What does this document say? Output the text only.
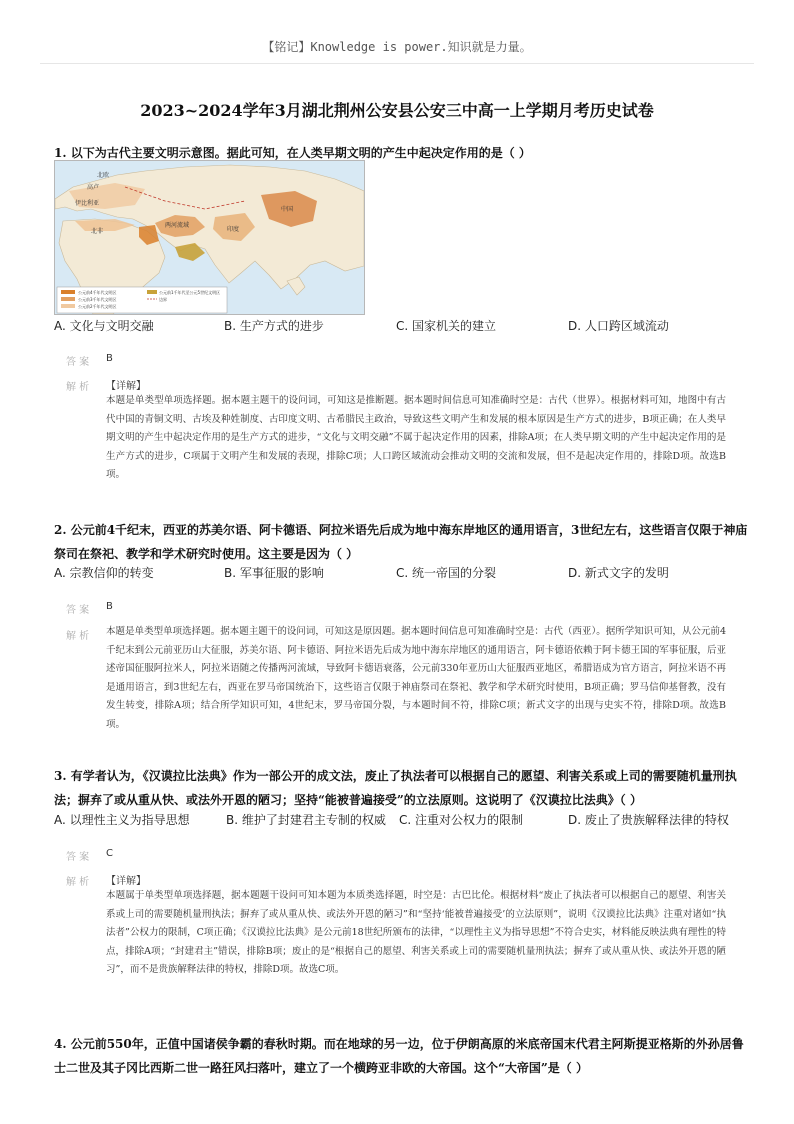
【铭记】Knowledge is power.知识就是力量。
2023~2024学年3月湖北荆州公安县公安三中高一上学期月考历史试卷
1. 以下为古代主要文明示意图。据此可知，在人类早期文明的产生中起决定作用的是（ ）
北欧
高卢
伊比利亚
北非
两河流域
中国
印度
公元前4千年代文明区
公元前3千年代文明区
公元前2千年代文明区
公元前1千年代至公元5世纪文明区
边界
A. 文化与文明交融	B. 生产方式的进步	C. 国家机关的建立	D. 人口跨区域流动
答 案 B
解 析 【详解】
本题是单类型单项选择题。据本题主题干的设问词，可知这是推断题。据本题时间信息可知准确时空是：古代（世界）。根据材料可知，地图中有古代中国的青铜文明、古埃及种姓制度、古印度文明、古希腊民主政治，导致这些文明产生和发展的根本原因是生产方式的进步，B项正确；在人类早期文明的产生中起决定作用的是生产方式的进步，“文化与文明交融”不属于起决定作用的因素，排除A项；在人类早期文明的产生中起决定作用的是生产方式的进步，C项属于文明产生和发展的表现，排除C项；人口跨区域流动会推动文明的交流和发展，但不是起决定作用的，排除D项。故选B项。
2. 公元前4千纪末，西亚的苏美尔语、阿卡德语、阿拉米语先后成为地中海东岸地区的通用语言，3世纪左右，这些语言仅限于神庙祭司在祭祀、教学和学术研究时使用。这主要是因为（ ）
A. 宗教信仰的转变	B. 军事征服的影响	C. 统一帝国的分裂	D. 新式文字的发明
答 案 B
解 析 本题是单类型单项选择题。据本题主题干的设问词，可知这是原因题。据本题时间信息可知准确时空是：古代（西亚）。据所学知识可知，从公元前4千纪末到公元前亚历山大征服，苏美尔语、阿卡德语、阿拉米语先后成为地中海东岸地区的通用语言，阿卡德语依赖于阿卡德王国的军事征服，后亚述帝国征服阿拉米人，阿拉米语随之传播两河流域，导致阿卡德语衰落，公元前330年亚历山大征服西亚地区，希腊语成为官方语言，阿拉米语不再是通用语言，到3世纪左右，西亚在罗马帝国统治下，这些语言仅限于神庙祭司在祭祀、教学和学术研究时使用，B项正确；罗马信仰基督教，没有发生转变，排除A项；结合所学知识可知，4世纪末，罗马帝国分裂，与本题时间不符，排除C项；新式文字的出现与史实不符，排除D项。故选B项。
3. 有学者认为，《汉谟拉比法典》作为一部公开的成文法，废止了执法者可以根据自己的愿望、利害关系或上司的需要随机量刑执法；摒弃了或从重从快、或法外开恩的陋习；坚持“能被普遍接受”的立法原则。这说明了《汉谟拉比法典》（ ）
A. 以理性主义为指导思想	B. 维护了封建君主专制的权威 C. 注重对公权力的限制	D. 废止了贵族解释法律的特权
答 案 C
解 析 【详解】
本题属于单类型单项选择题，据本题题干设问可知本题为本质类选择题，时空是：古巴比伦。根据材料“废止了执法者可以根据自己的愿望、利害关系或上司的需要随机量刑执法；摒弃了或从重从快、或法外开恩的陋习”和“坚持‘能被普遍接受’的立法原则”，说明《汉谟拉比法典》注重对诸如“执法者”公权力的限制，C项正确；《汉谟拉比法典》是公元前18世纪所颁布的法律，“以理性主义为指导思想”不符合史实，材料能反映法典有理性的特点，排除A项；“封建君主”错误，排除B项；废止的是“根据自己的愿望、利害关系或上司的需要随机量刑执法；摒弃了或从重从快、或法外开恩的陋习”，而不是贵族解释法律的特权，排除D项。故选C项。
4. 公元前550年，正值中国诸侯争霸的春秋时期。而在地球的另一边，位于伊朗高原的米底帝国末代君主阿斯提亚格斯的外孙居鲁士二世及其子冈比西斯二世一路狂风扫落叶，建立了一个横跨亚非欧的大帝国。这个“大帝国”是（ ）
